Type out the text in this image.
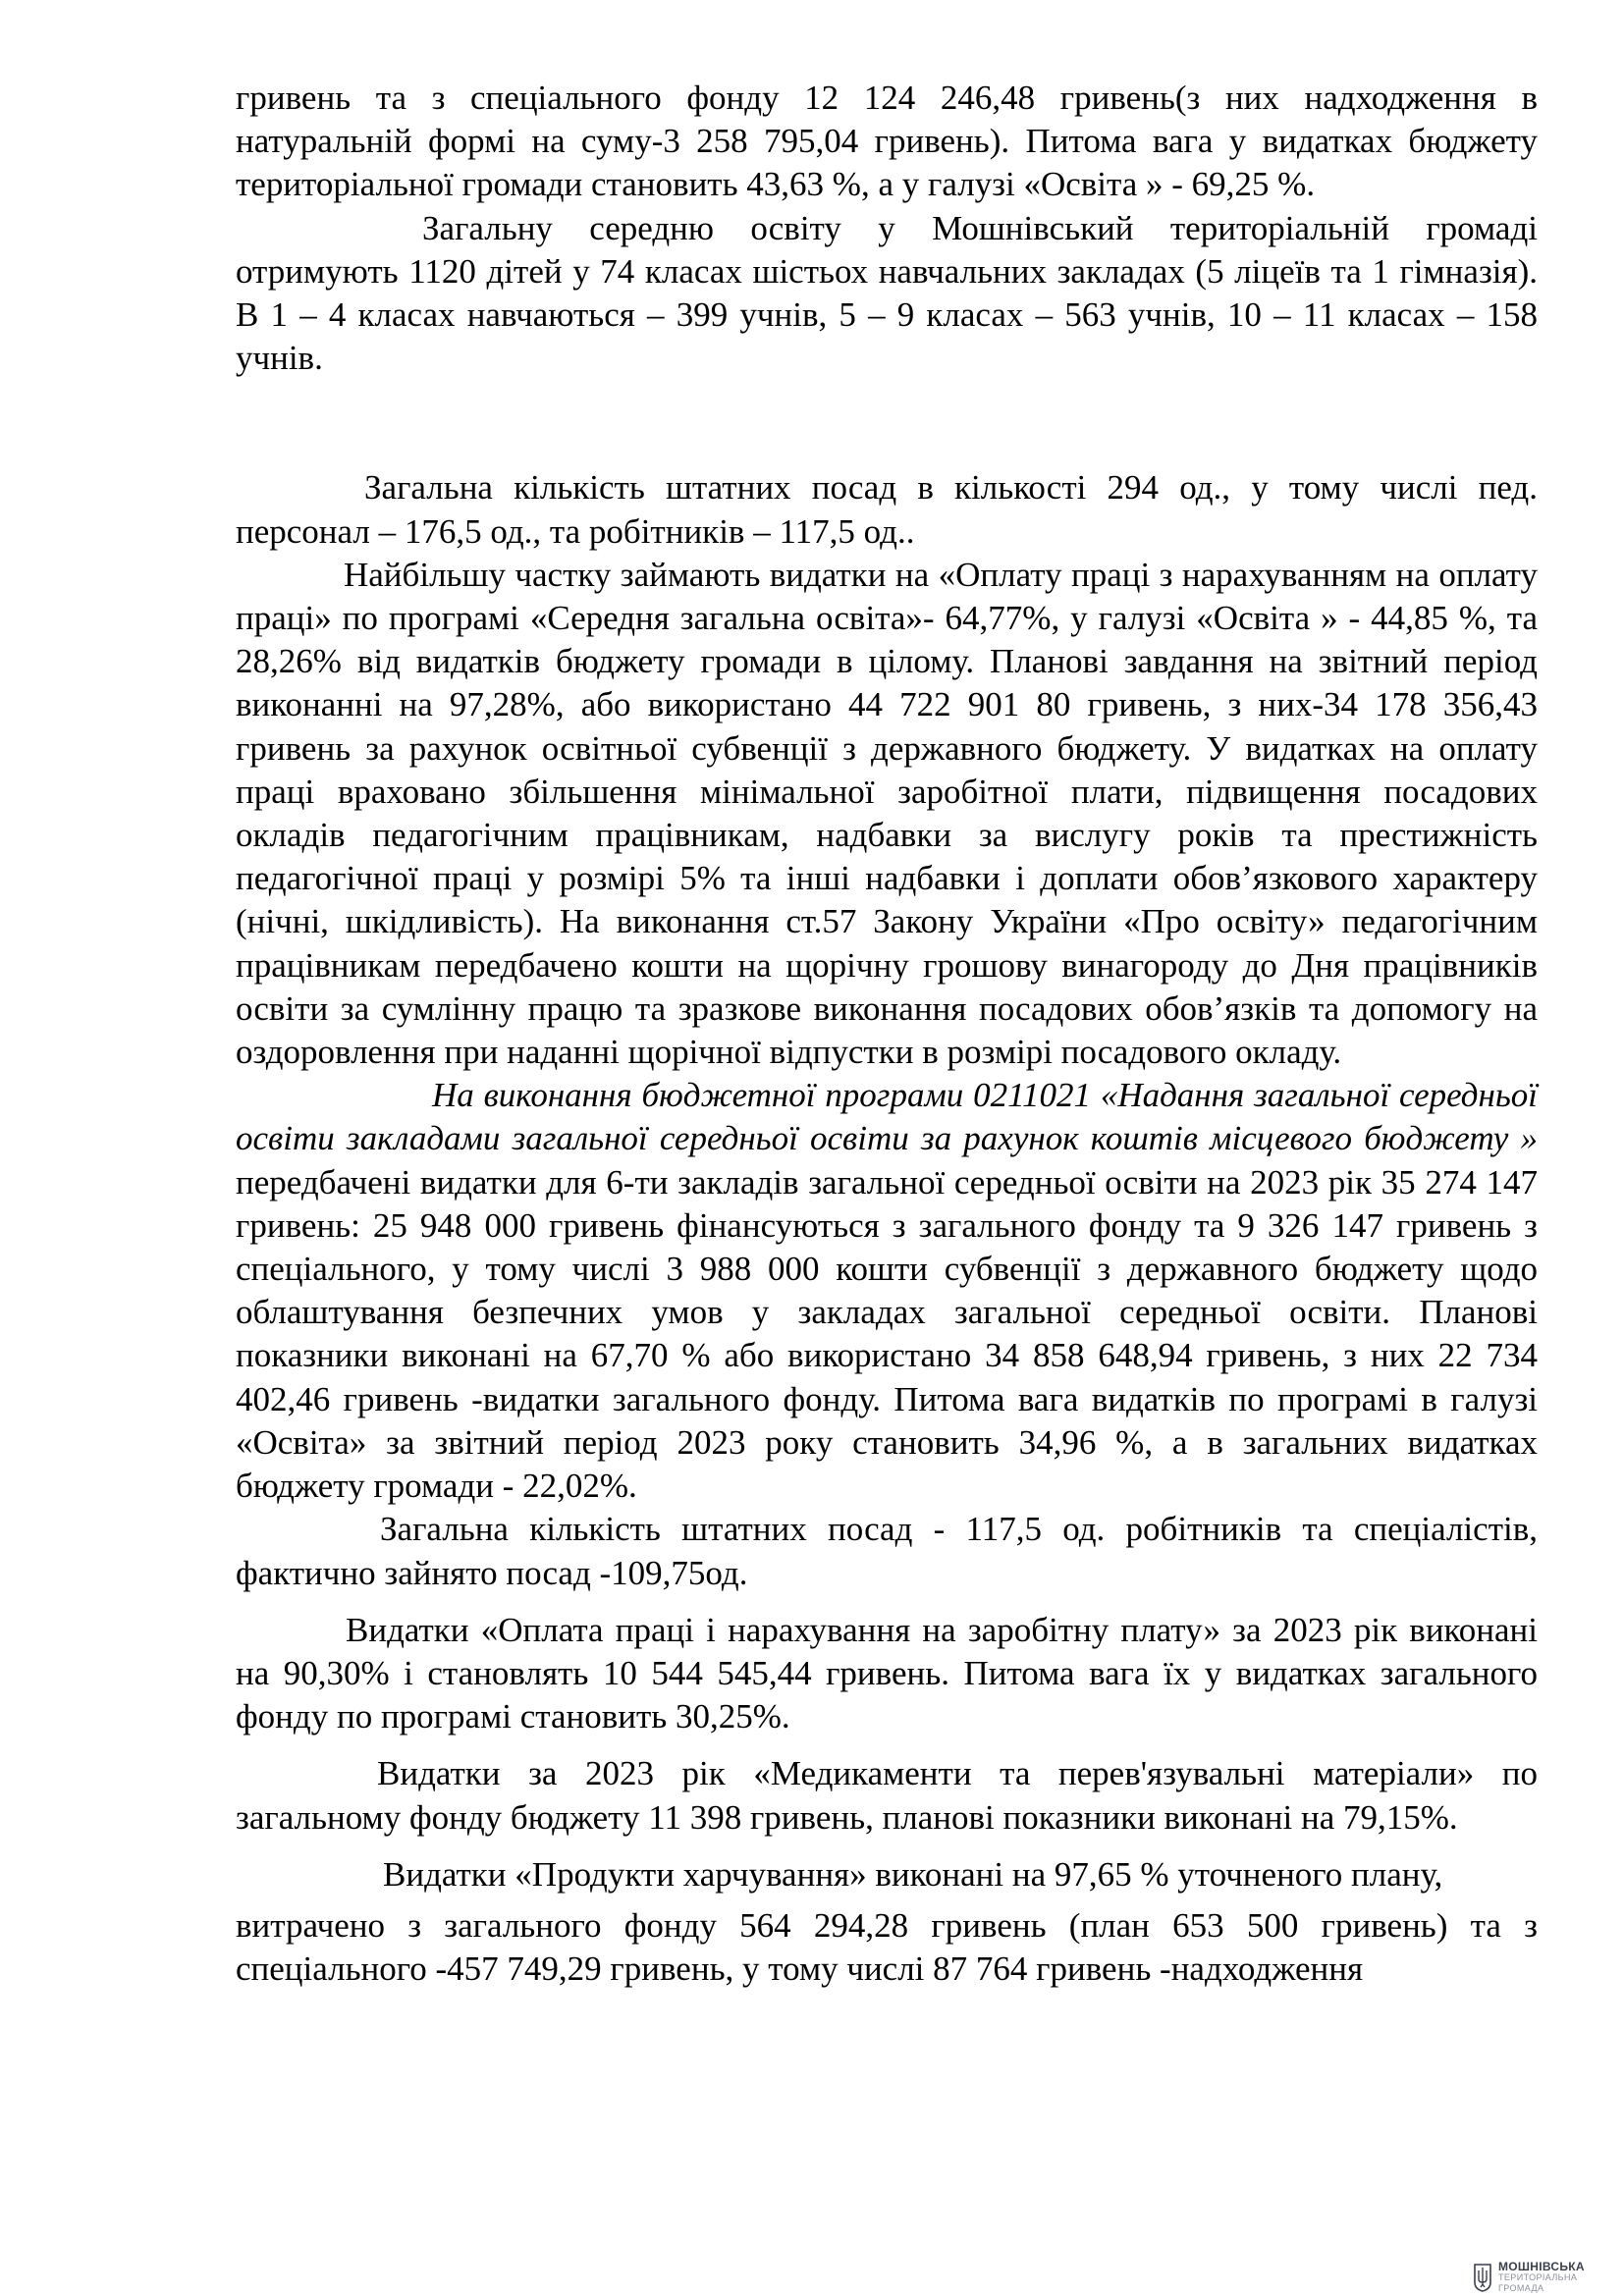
гривень та з спеціального фонду 12 124 246,48 гривень(з них надходження в натуральній формі на суму-3 258 795,04 гривень). Питома вага у видатках бюджету територіальної громади становить 43,63 %, а у галузі «Освіта » - 69,25 %.

Загальну середню освіту у Мошнівський територіальній громаді отримують 1120 дітей у 74 класах шістьох навчальних закладах (5 ліцеїв та 1 гімназія). В 1 – 4 класах навчаються – 399 учнів, 5 – 9 класах – 563 учнів, 10 – 11 класах – 158 учнів.

Загальна кількість штатних посад в кількості 294 од., у тому числі пед. персонал – 176,5 од., та робітників – 117,5 од..

Найбільшу частку займають видатки на «Оплату праці з нарахуванням на оплату праці» по програмі «Середня загальна освіта»- 64,77%, у галузі «Освіта » - 44,85 %, та 28,26% від видатків бюджету громади в цілому. Планові завдання на звітний період виконанні на 97,28%, або використано 44 722 901 80 гривень, з них-34 178 356,43 гривень за рахунок освітньої субвенції з державного бюджету. У видатках на оплату праці враховано збільшення мінімальної заробітної плати, підвищення посадових окладів педагогічним працівникам, надбавки за вислугу років та престижність педагогічної праці у розмірі 5% та інші надбавки і доплати обов’язкового характеру (нічні, шкідливість). На виконання ст.57 Закону України «Про освіту» педагогічним працівникам передбачено кошти на щорічну грошову винагороду до Дня працівників освіти за сумлінну працю та зразкове виконання посадових обов’язків та допомогу на оздоровлення при наданні щорічної відпустки в розмірі посадового окладу.

На виконання бюджетної програми 0211021 «Надання загальної середньої освіти закладами загальної середньої освіти за рахунок коштів місцевого бюджету » передбачені видатки для 6-ти закладів загальної середньої освіти на 2023 рік 35 274 147 гривень: 25 948 000 гривень фінансуються з загального фонду та 9 326 147 гривень з спеціального, у тому числі 3 988 000 кошти субвенції з державного бюджету щодо облаштування безпечних умов у закладах загальної середньої освіти. Планові показники виконані на 67,70 % або використано 34 858 648,94 гривень, з них 22 734 402,46 гривень -видатки загального фонду. Питома вага видатків по програмі в галузі «Освіта» за звітний період 2023 року становить 34,96 %, а в загальних видатках бюджету громади - 22,02%.

Загальна кількість штатних посад - 117,5 од. робітників та спеціалістів, фактично зайнято посад -109,75од.

Видатки «Оплата праці і нарахування на заробітну плату» за 2023 рік виконані на 90,30% і становлять 10 544 545,44 гривень. Питома вага їх у видатках загального фонду по програмі становить 30,25%.

Видатки за 2023 рік «Медикаменти та перев'язувальні матеріали» по загальному фонду бюджету 11 398 гривень, планові показники виконані на 79,15%.

Видатки «Продукти харчування» виконані на 97,65 % уточненого плану,

витрачено з загального фонду 564 294,28 гривень (план 653 500 гривень) та з спеціального -457 749,29 гривень, у тому числі 87 764 гривень -надходження

МОШНІВСЬКА
ТЕРИТОРІАЛЬНА
ГРОМАДА
